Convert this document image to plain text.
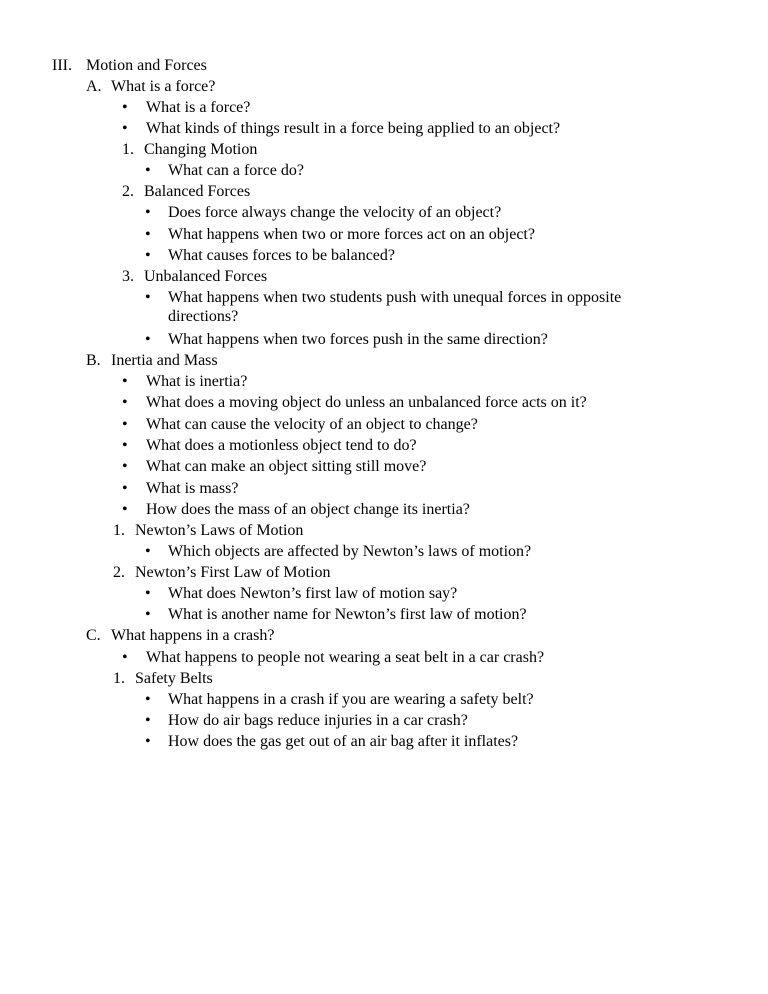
III. Motion and Forces
A. What is a force?
•
What is a force?
•
What kinds of things result in a force being applied to an object?
1. Changing Motion
•
What can a force do?
2. Balanced Forces
•
Does force always change the velocity of an object?
•
What happens when two or more forces act on an object?
•
What causes forces to be balanced?
3. Unbalanced Forces
•
What happens when two students push with unequal forces in opposite directions?
•
What happens when two forces push in the same direction?
B. Inertia and Mass
•
What is inertia?
•
What does a moving object do unless an unbalanced force acts on it?
•
What can cause the velocity of an object to change?
•
What does a motionless object tend to do?
•
What can make an object sitting still move?
•
What is mass?
•
How does the mass of an object change its inertia?
1. Newton’s Laws of Motion
•
Which objects are affected by Newton’s laws of motion?
2. Newton’s First Law of Motion
•
What does Newton’s first law of motion say?
•
What is another name for Newton’s first law of motion?
C. What happens in a crash?
•
What happens to people not wearing a seat belt in a car crash?
1. Safety Belts
•
What happens in a crash if you are wearing a safety belt?
•
How do air bags reduce injuries in a car crash?
•
How does the gas get out of an air bag after it inflates?
